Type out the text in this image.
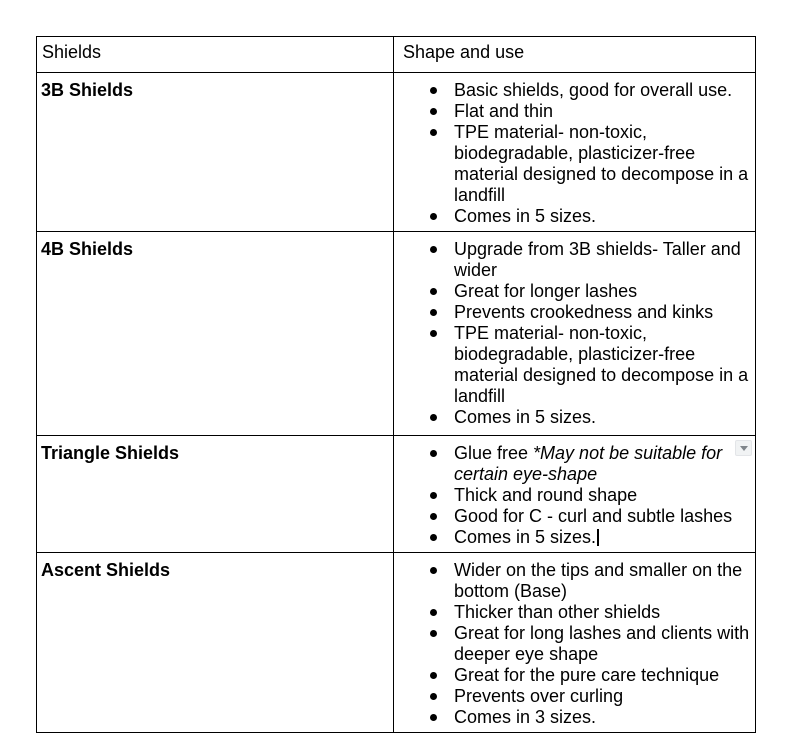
Shields	Shape and use
3B Shields	Basic shields, good for overall use.
Flat and thin
TPE material- non-toxic, biodegradable, plasticizer-free material designed to decompose in a landfill
Comes in 5 sizes.

4B Shields	Upgrade from 3B shields- Taller and wider
Great for longer lashes
Prevents crookedness and kinks
TPE material- non-toxic, biodegradable, plasticizer-free material designed to decompose in a landfill
Comes in 5 sizes.

Triangle Shields	Glue free *May not be suitable for certain eye-shape
Thick and round shape
Good for C - curl and subtle lashes
Comes in 5 sizes.

Ascent Shields	Wider on the tips and smaller on the bottom (Base)
Thicker than other shields
Great for long lashes and clients with deeper eye shape
Great for the pure care technique
Prevents over curling
Comes in 3 sizes.
